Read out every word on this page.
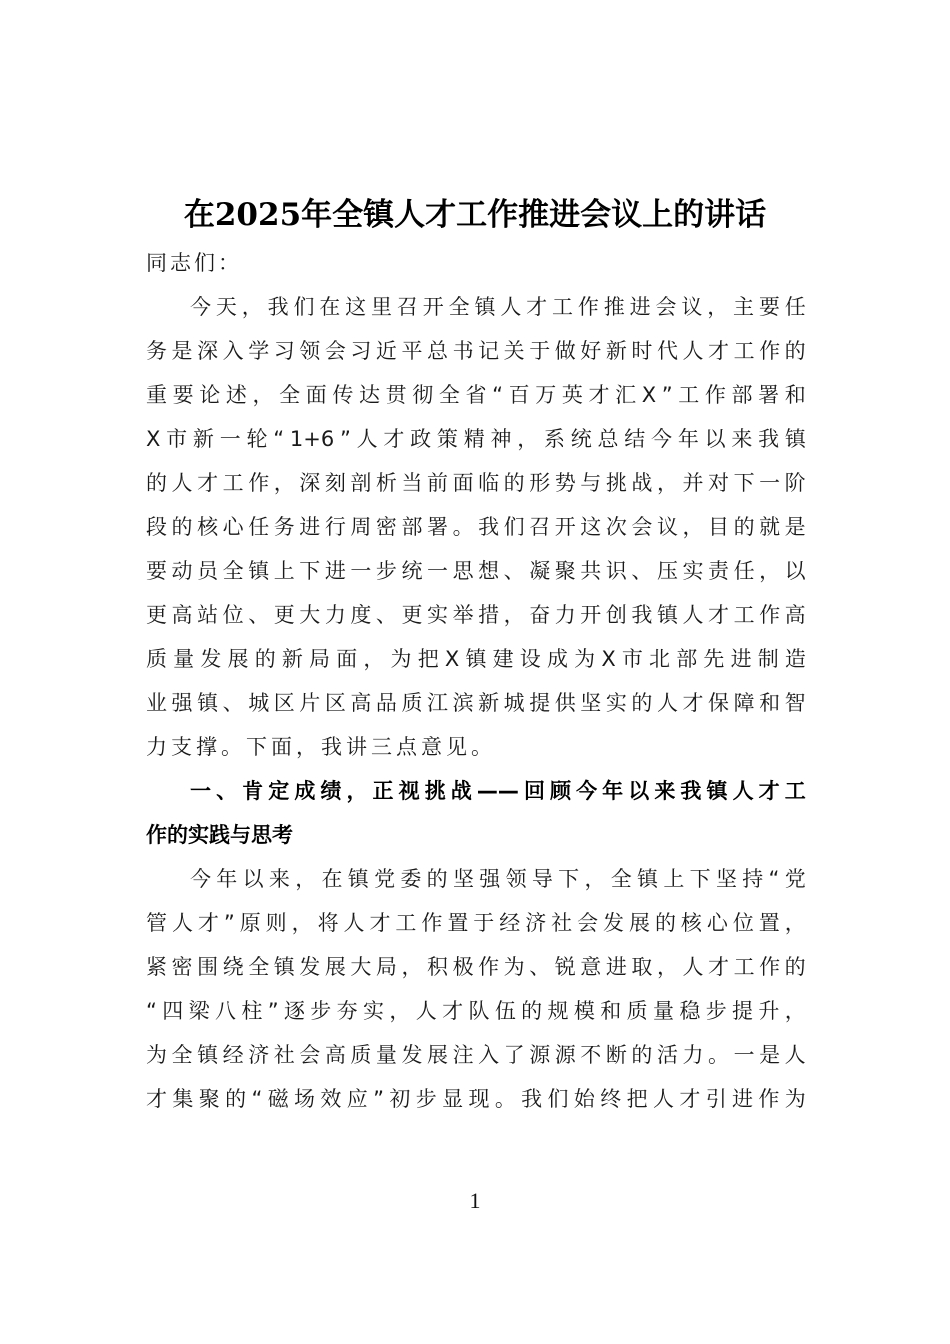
在2025年全镇人才工作推进会议上的讲话
同志们：
今 天 ， 我 们 在 这 里 召 开 全 镇 人 才 工 作 推 进 会 议 ， 主 要 任
务 是 深 入 学 习 领 会 习 近 平 总 书 记 关 于 做 好 新 时 代 人 才 工 作 的
重 要 论 述 ， 全 面 传 达 贯 彻 全 省 “ 百 万 英 才 汇 X ” 工 作 部 署 和
X 市 新 一 轮 “ 1+6 ” 人 才 政 策 精 神 ， 系 统 总 结 今 年 以 来 我 镇
的 人 才 工 作 ， 深 刻 剖 析 当 前 面 临 的 形 势 与 挑 战 ， 并 对 下 一 阶
段 的 核 心 任 务 进 行 周 密 部 署 。 我 们 召 开 这 次 会 议 ， 目 的 就 是
要 动 员 全 镇 上 下 进 一 步 统 一 思 想 、 凝 聚 共 识 、 压 实 责 任 ， 以
更 高 站 位 、 更 大 力 度 、 更 实 举 措 ， 奋 力 开 创 我 镇 人 才 工 作 高
质 量 发 展 的 新 局 面 ， 为 把 X 镇 建 设 成 为 X 市 北 部 先 进 制 造
业 强 镇 、 城 区 片 区 高 品 质 江 滨 新 城 提 供 坚 实 的 人 才 保 障 和 智
力支撑。下面，我讲三点意见。
一 、 肯 定 成 绩 ， 正 视 挑 战 —— 回 顾 今 年 以 来 我 镇 人 才 工
作的实践与思考
今 年 以 来 ， 在 镇 党 委 的 坚 强 领 导 下 ， 全 镇 上 下 坚 持 “ 党
管 人 才 ” 原 则 ， 将 人 才 工 作 置 于 经 济 社 会 发 展 的 核 心 位 置 ，
紧 密 围 绕 全 镇 发 展 大 局 ， 积 极 作 为 、 锐 意 进 取 ， 人 才 工 作 的
“ 四 梁 八 柱 ” 逐 步 夯 实 ， 人 才 队 伍 的 规 模 和 质 量 稳 步 提 升 ，
为 全 镇 经 济 社 会 高 质 量 发 展 注 入 了 源 源 不 断 的 活 力 。 一 是 人
才 集 聚 的 “ 磁 场 效 应 ” 初 步 显 现 。 我 们 始 终 把 人 才 引 进 作 为
1
